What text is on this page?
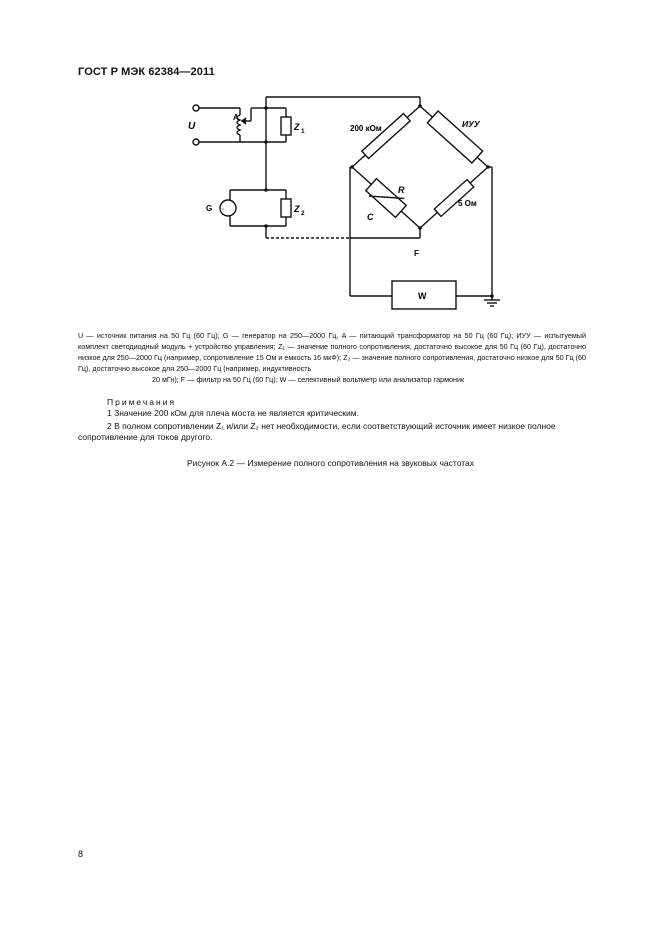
ГОСТ Р МЭК 62384—2011
U
A
Z 1
Z 2
G ~
200 кОм	ИУУ
R
C
5 Ом
F
W

U — источник питания на 50 Гц (60 Гц); G — генератор на 250—2000 Гц, A — питающий трансформатор на 50 Гц (60 Гц); ИУУ — испытуемый комплект светодиодный модуль + устройство управления; Z₁ — значение полного сопротивления, достаточно высокое для 50 Гц (60 Гц), достаточно низкое для 250—2000 Гц (например, сопротивление 15 Ом и емкость 16 мкФ); Z₂ — значение полного сопротивления, достаточно низкое для 50 Гц (60 Гц), достаточно высокое для 250—2000 Гц (например, индуктивность

20 мГн); F — фильтр на 50 Гц (60 Гц); W — селективный вольтметр или анализатор гармоник

Примечания
1 Значение 200 кОм для плеча моста не является критическим.
2 В полном сопротивлении Z₁ и/или Z₂ нет необходимости, если соответствующий источник имеет низкое полное сопротивление для токов другого.
Рисунок А.2 — Измерение полного сопротивления на звуковых частотах
8
